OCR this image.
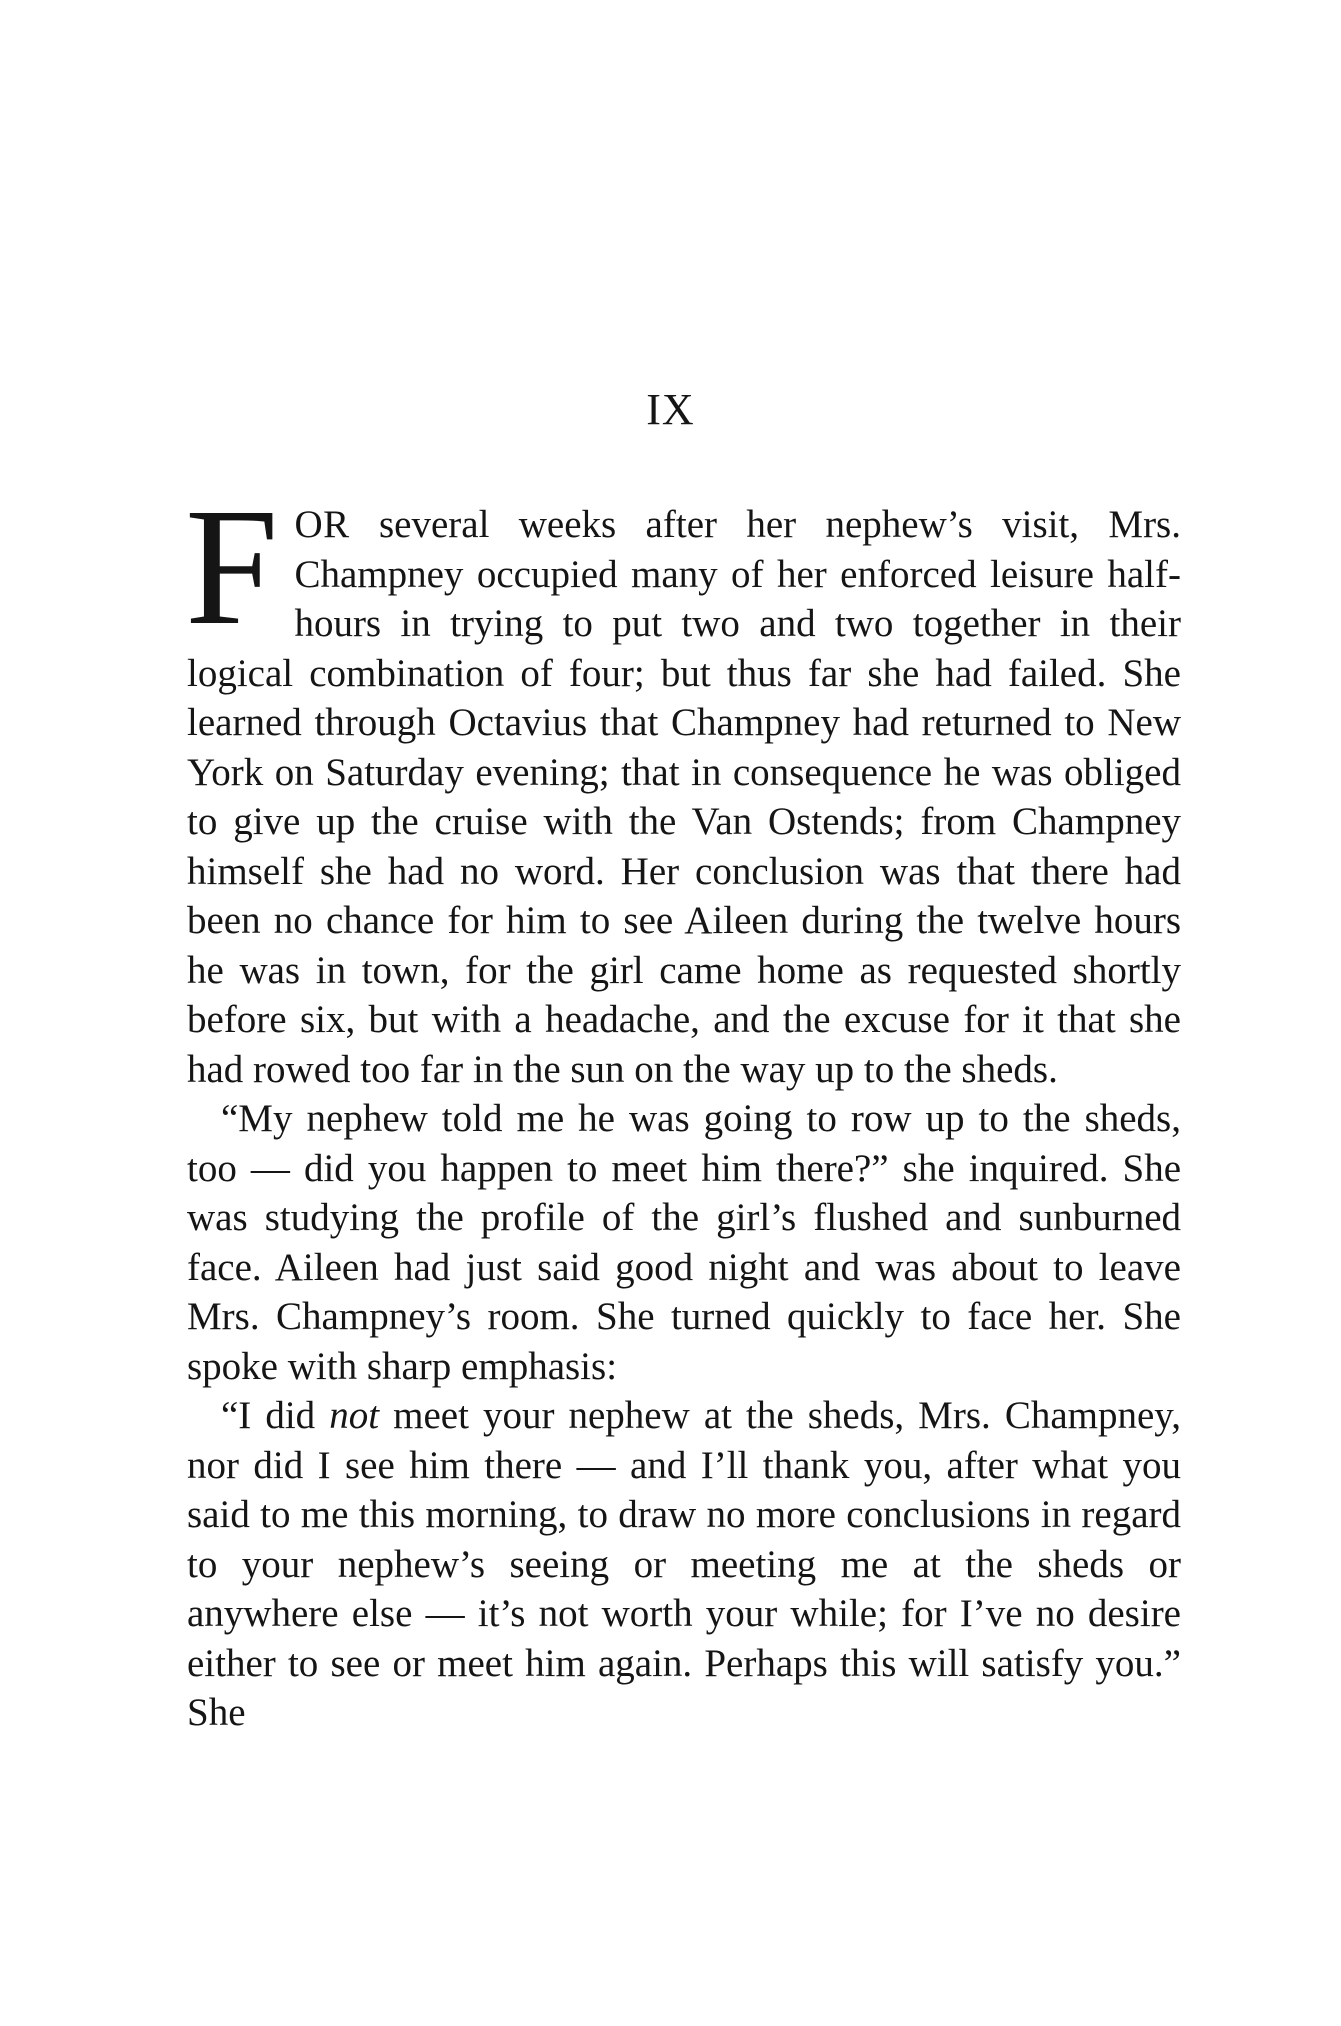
IX

FOR several weeks after her nephew’s visit, Mrs. Champney occupied many of her enforced leisure half-hours in trying to put two and two together in their logical combination of four; but thus far she had failed. She learned through Octavius that Champney had returned to New York on Saturday evening; that in consequence he was obliged to give up the cruise with the Van Ostends; from Champney himself she had no word. Her conclusion was that there had been no chance for him to see Aileen during the twelve hours he was in town, for the girl came home as requested shortly before six, but with a headache, and the excuse for it that she had rowed too far in the sun on the way up to the sheds.

“My nephew told me he was going to row up to the sheds, too — did you happen to meet him there?” she inquired. She was studying the profile of the girl’s flushed and sunburned face. Aileen had just said good night and was about to leave Mrs. Champney’s room. She turned quickly to face her. She spoke with sharp emphasis:

“I did not meet your nephew at the sheds, Mrs. Champney, nor did I see him there — and I’ll thank you, after what you said to me this morning, to draw no more conclusions in regard to your nephew’s seeing or meeting me at the sheds or anywhere else — it’s not worth your while; for I’ve no desire either to see or meet him again. Perhaps this will satisfy you.” She
